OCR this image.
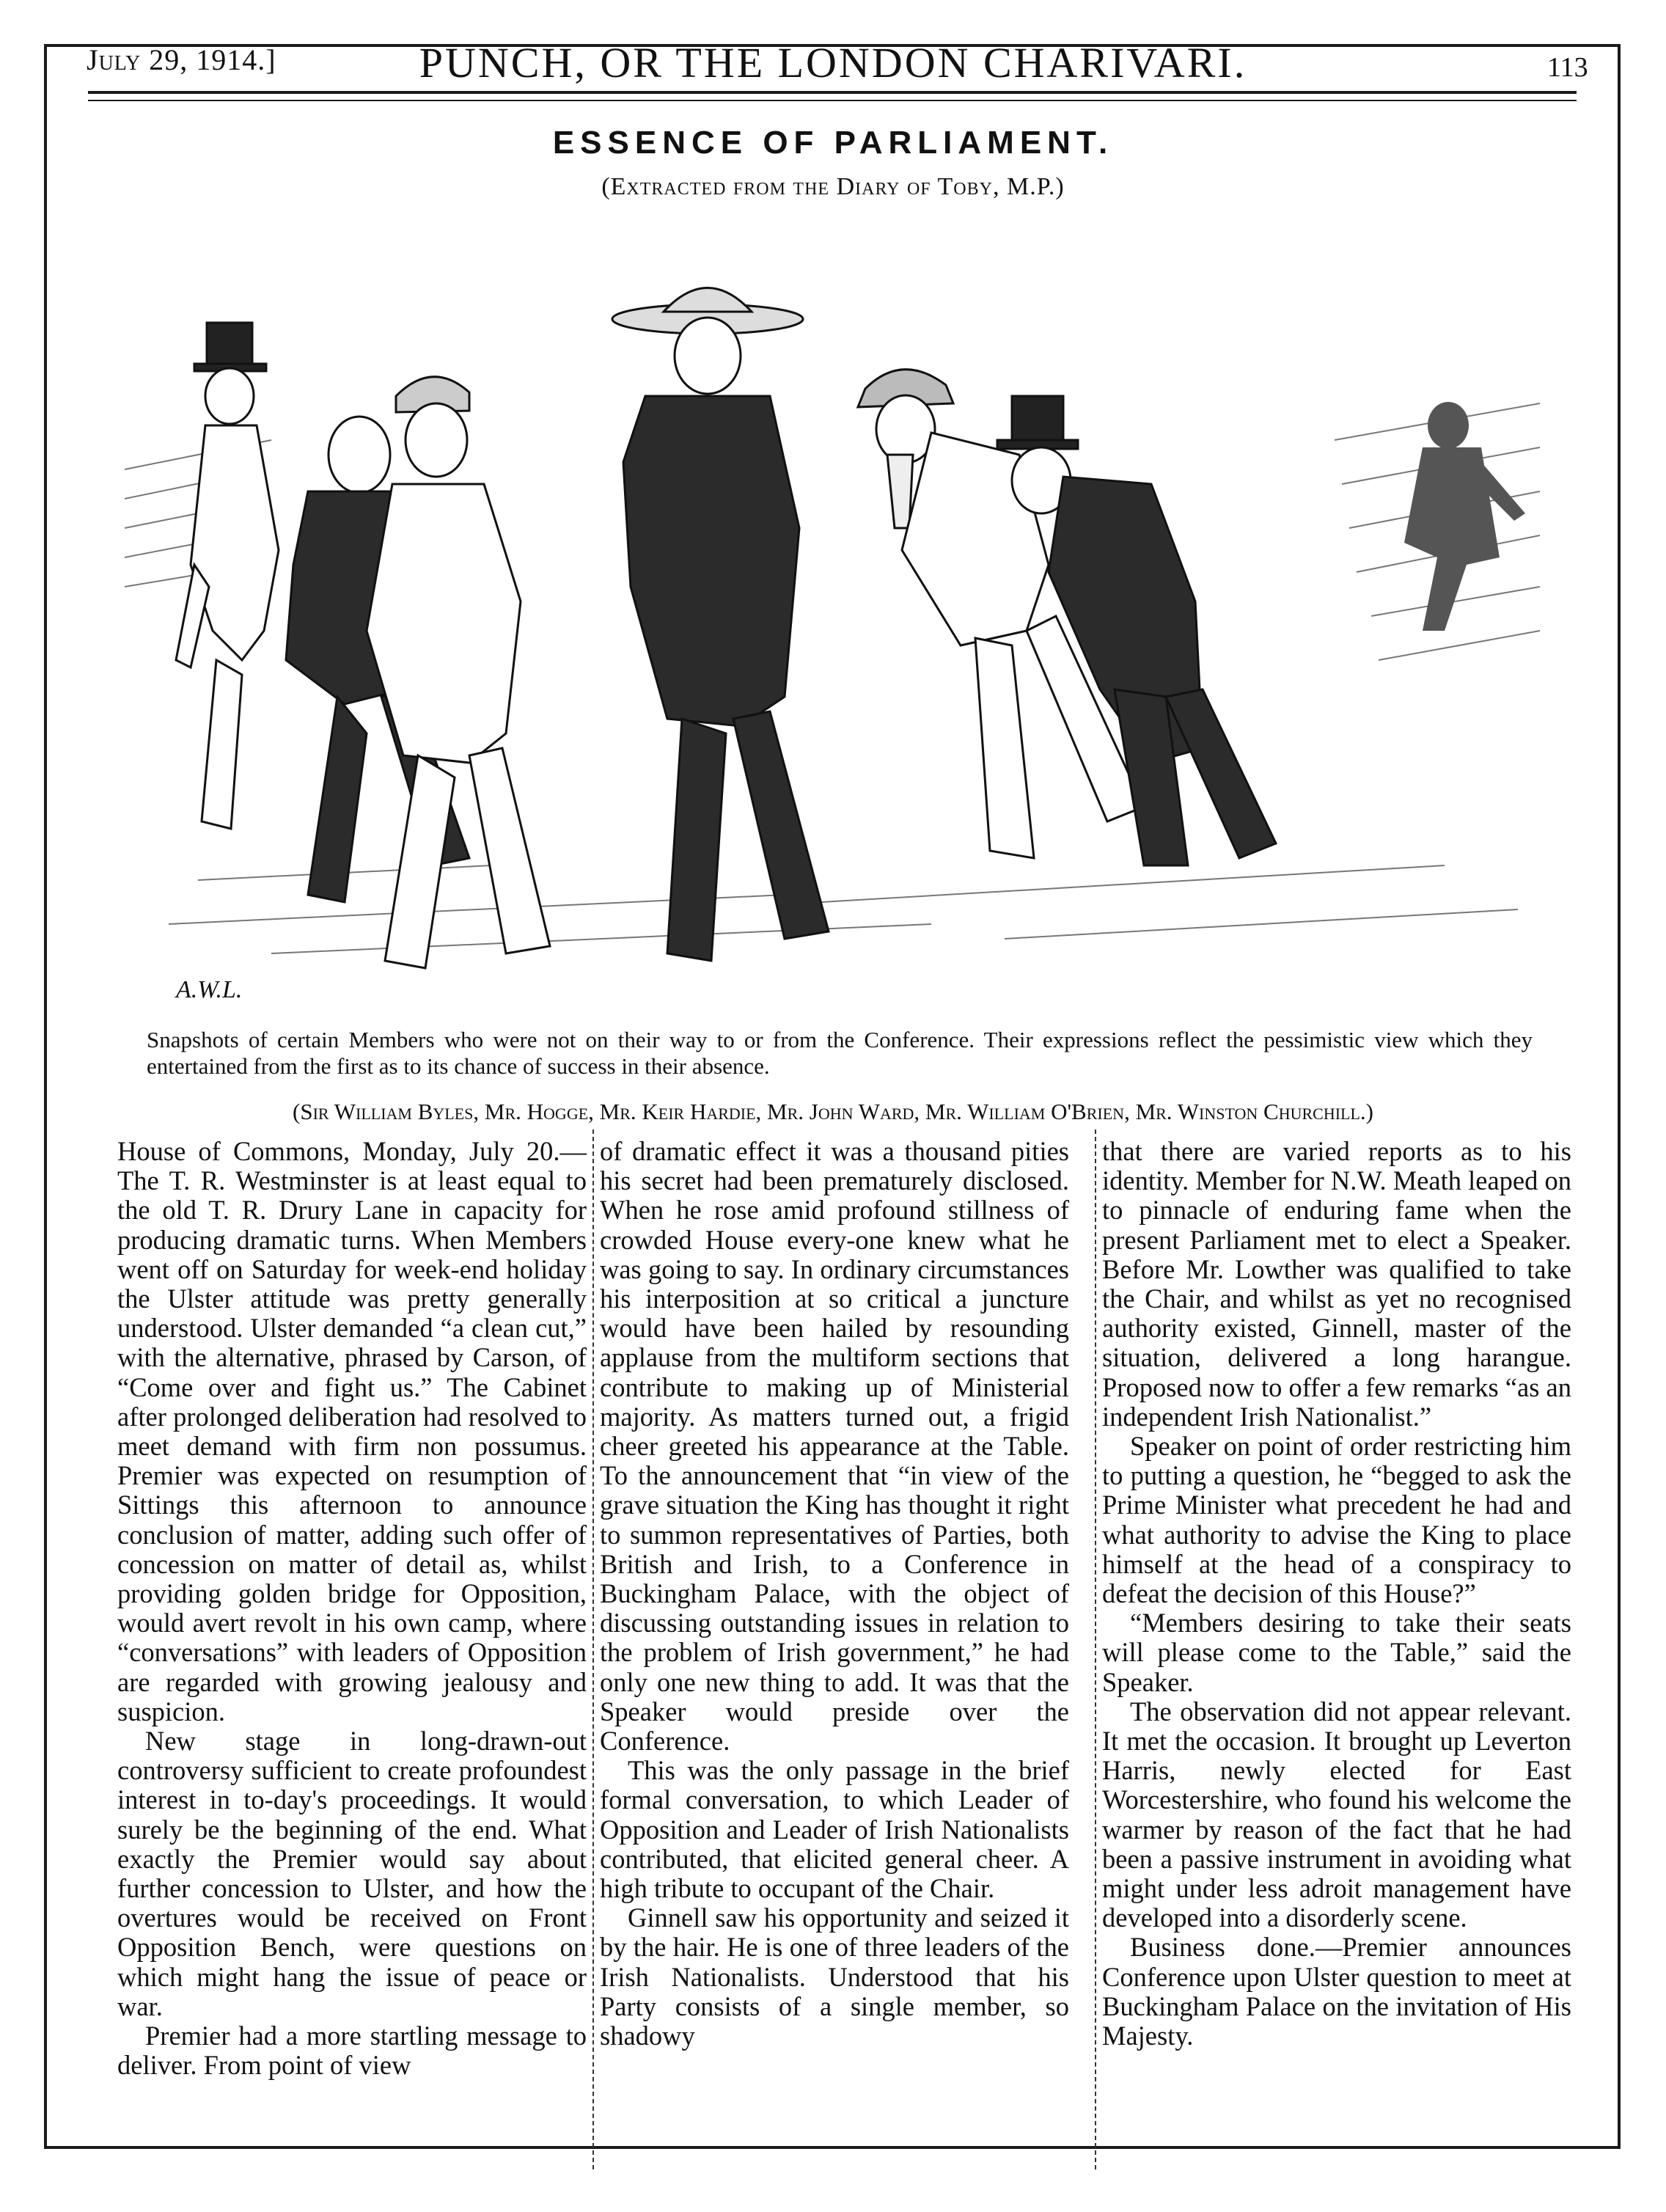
July 29, 1914.]	PUNCH, OR THE LONDON CHARIVARI.	113
ESSENCE OF PARLIAMENT.
(Extracted from the Diary of Toby, M.P.)
A.W.L.
Snapshots of certain Members who were not on their way to or from the Conference. Their expressions reflect the pessimistic view which they entertained from the first as to its chance of success in their absence.
(Sir William Byles, Mr. Hogge, Mr. Keir Hardie, Mr. John Ward, Mr. William O'Brien, Mr. Winston Churchill.)

House of Commons, Monday, July 20.—The T. R. Westminster is at least equal to the old T. R. Drury Lane in capacity for producing dramatic turns. When Members went off on Saturday for week-end holiday the Ulster attitude was pretty generally understood. Ulster demanded “a clean cut,” with the alternative, phrased by Carson, of “Come over and fight us.” The Cabinet after prolonged deliberation had resolved to meet demand with firm non possumus. Premier was expected on resumption of Sittings this afternoon to announce conclusion of matter, adding such offer of concession on matter of detail as, whilst providing golden bridge for Opposition, would avert revolt in his own camp, where “conversations” with leaders of Opposition are regarded with growing jealousy and suspicion.

New stage in long-drawn-out controversy sufficient to create profoundest interest in to-day's proceedings. It would surely be the beginning of the end. What exactly the Premier would say about further concession to Ulster, and how the overtures would be received on Front Opposition Bench, were questions on which might hang the issue of peace or war.

Premier had a more startling message to deliver. From point of view

of dramatic effect it was a thousand pities his secret had been prematurely disclosed. When he rose amid profound stillness of crowded House every-one knew what he was going to say. In ordinary circumstances his interposition at so critical a juncture would have been hailed by resounding applause from the multiform sections that contribute to making up of Ministerial majority. As matters turned out, a frigid cheer greeted his appearance at the Table. To the announcement that “in view of the grave situation the King has thought it right to summon representatives of Parties, both British and Irish, to a Conference in Buckingham Palace, with the object of discussing outstanding issues in relation to the problem of Irish government,” he had only one new thing to add. It was that the Speaker would preside over the Conference.

This was the only passage in the brief formal conversation, to which Leader of Opposition and Leader of Irish Nationalists contributed, that elicited general cheer. A high tribute to occupant of the Chair.

Ginnell saw his opportunity and seized it by the hair. He is one of three leaders of the Irish Nationalists. Understood that his Party consists of a single member, so shadowy

that there are varied reports as to his identity. Member for N.W. Meath leaped on to pinnacle of enduring fame when the present Parliament met to elect a Speaker. Before Mr. Lowther was qualified to take the Chair, and whilst as yet no recognised authority existed, Ginnell, master of the situation, delivered a long harangue. Proposed now to offer a few remarks “as an independent Irish Nationalist.”

Speaker on point of order restricting him to putting a question, he “begged to ask the Prime Minister what precedent he had and what authority to advise the King to place himself at the head of a conspiracy to defeat the decision of this House?”

“Members desiring to take their seats will please come to the Table,” said the Speaker.

The observation did not appear relevant. It met the occasion. It brought up Leverton Harris, newly elected for East Worcestershire, who found his welcome the warmer by reason of the fact that he had been a passive instrument in avoiding what might under less adroit management have developed into a disorderly scene.

Business done.—Premier announces Conference upon Ulster question to meet at Buckingham Palace on the invitation of His Majesty.
